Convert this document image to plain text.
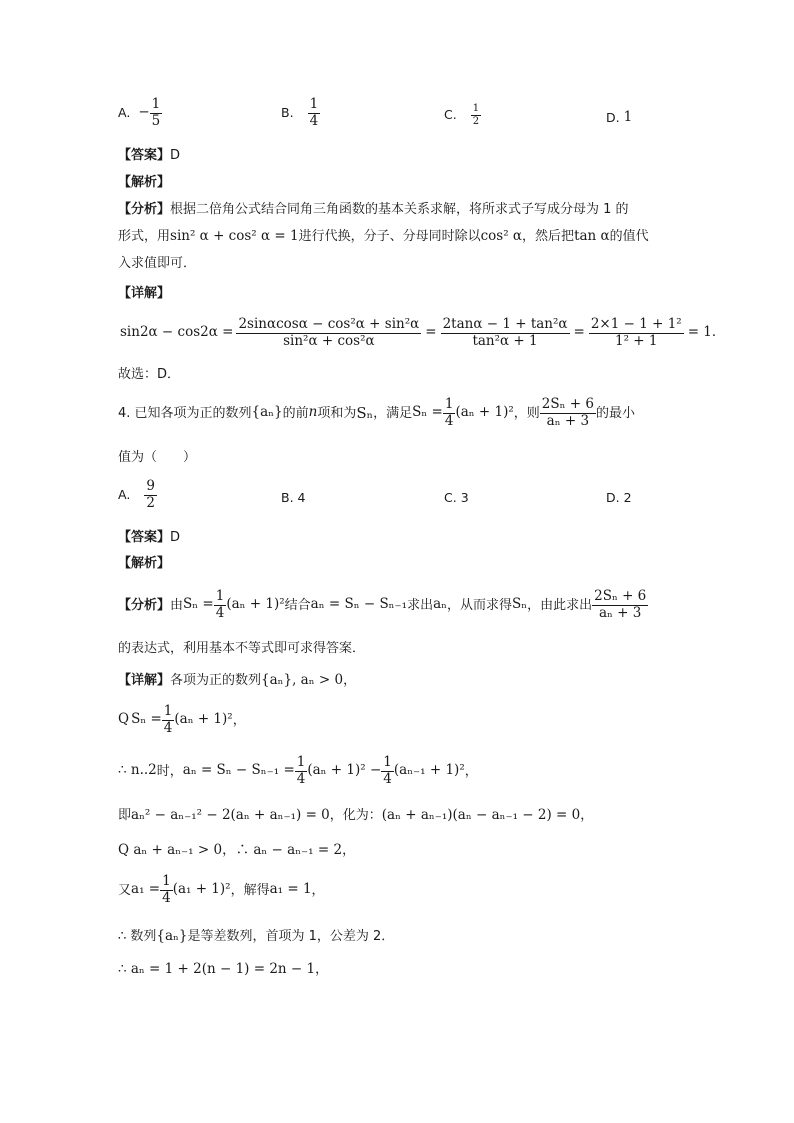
A. − $\frac{1}{5}$	B. $\frac{1}{4}$	C. $\frac{1}{2}$	D. 1
【答案】D
【解析】
【分析】根据二倍角公式结合同角三角函数的基本关系求解，将所求式子写成分母为 1 的
形式，用sin² α + cos² α = 1进行代换，分子、分母同时除以cos² α，然后把tan α的值代
入求值即可．
【详解】
$\sin 2\alpha - \cos 2\alpha = \frac{\text{2sinαcosα − cos²α + sin²α}}{\text{sin²α + cos²α}} = \frac{\text{2tanα − 1 + tan²α}}{\text{tan²α + 1}} = \frac{\text{2×1 − 1 + 1²}}{\text{1² + 1}} = 1$．
故选：D．
4. 已知各项为正的数列 {aₙ} 的前 n 项和为 Sₙ ，满足 $S_n = \frac{1}{4} (a_n + 1)^2$ ，则 $\frac{\text{2Sₙ + 6}}{\text{aₙ + 3}}$ 的最小
值为（　　）
A. $\frac{9}{2}$	B. 4	C. 3	D. 2
【答案】D
【解析】
【分析】 由 $S_n = \frac{1}{4} (a_n + 1)^2$ 结合 aₙ = Sₙ − Sₙ₋₁ 求出 aₙ ，从而求得 Sₙ ，由此求出 $\frac{\text{2Sₙ + 6}}{\text{aₙ + 3}}$
的表达式，利用基本不等式即可求得答案．
【详解】各项为正的数列{aₙ}, aₙ > 0，
Q $S_n = \frac{1}{4} (a_n + 1)^2$ ，
∴ n..2 时， $a_n = S_n - S_{n-1} = \frac{1}{4} (a_n + 1)^2 - \frac{1}{4} (a_{n-1} + 1)^2$ ，
即aₙ² − aₙ₋₁² − 2(aₙ + aₙ₋₁) = 0，化为：(aₙ + aₙ₋₁)(aₙ − aₙ₋₁ − 2) = 0，
Q aₙ + aₙ₋₁ > 0，∴ aₙ − aₙ₋₁ = 2，
又 $a_1 = \frac{1}{4} (a_1 + 1)^2$ ，解得 a₁ = 1 ，
∴ 数列{aₙ}是等差数列，首项为 1，公差为 2．
∴ aₙ = 1 + 2(n − 1) = 2n − 1，
